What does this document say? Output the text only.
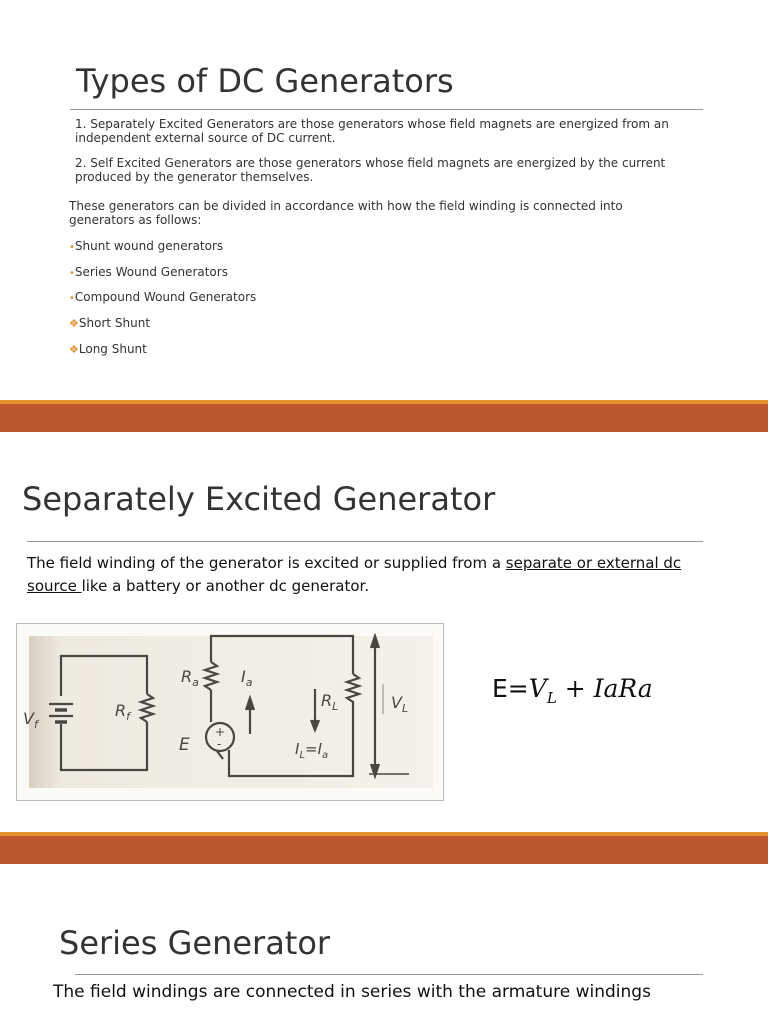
Types of DC Generators

1. Separately Excited Generators are those generators whose field magnets are energized from an independent external source of DC current.

2. Self Excited Generators are those generators whose field magnets are energized by the current produced by the generator themselves.

These generators can be divided in accordance with how the field winding is connected into generators as follows:

•Shunt wound generators
•Series Wound Generators
•Compound Wound Generators
❖Short Shunt
❖Long Shunt
Separately Excited Generator

The field winding of the generator is excited or supplied from a separate or external dc source like a battery or another dc generator.

$V_f$
$R_f$
$R_a$	$I_a$
E
+
-	$I_L=I_a$
$R_L$	$V_L$
$E=V_L$ + IaRa
Series Generator

The field windings are connected in series with the armature windings
